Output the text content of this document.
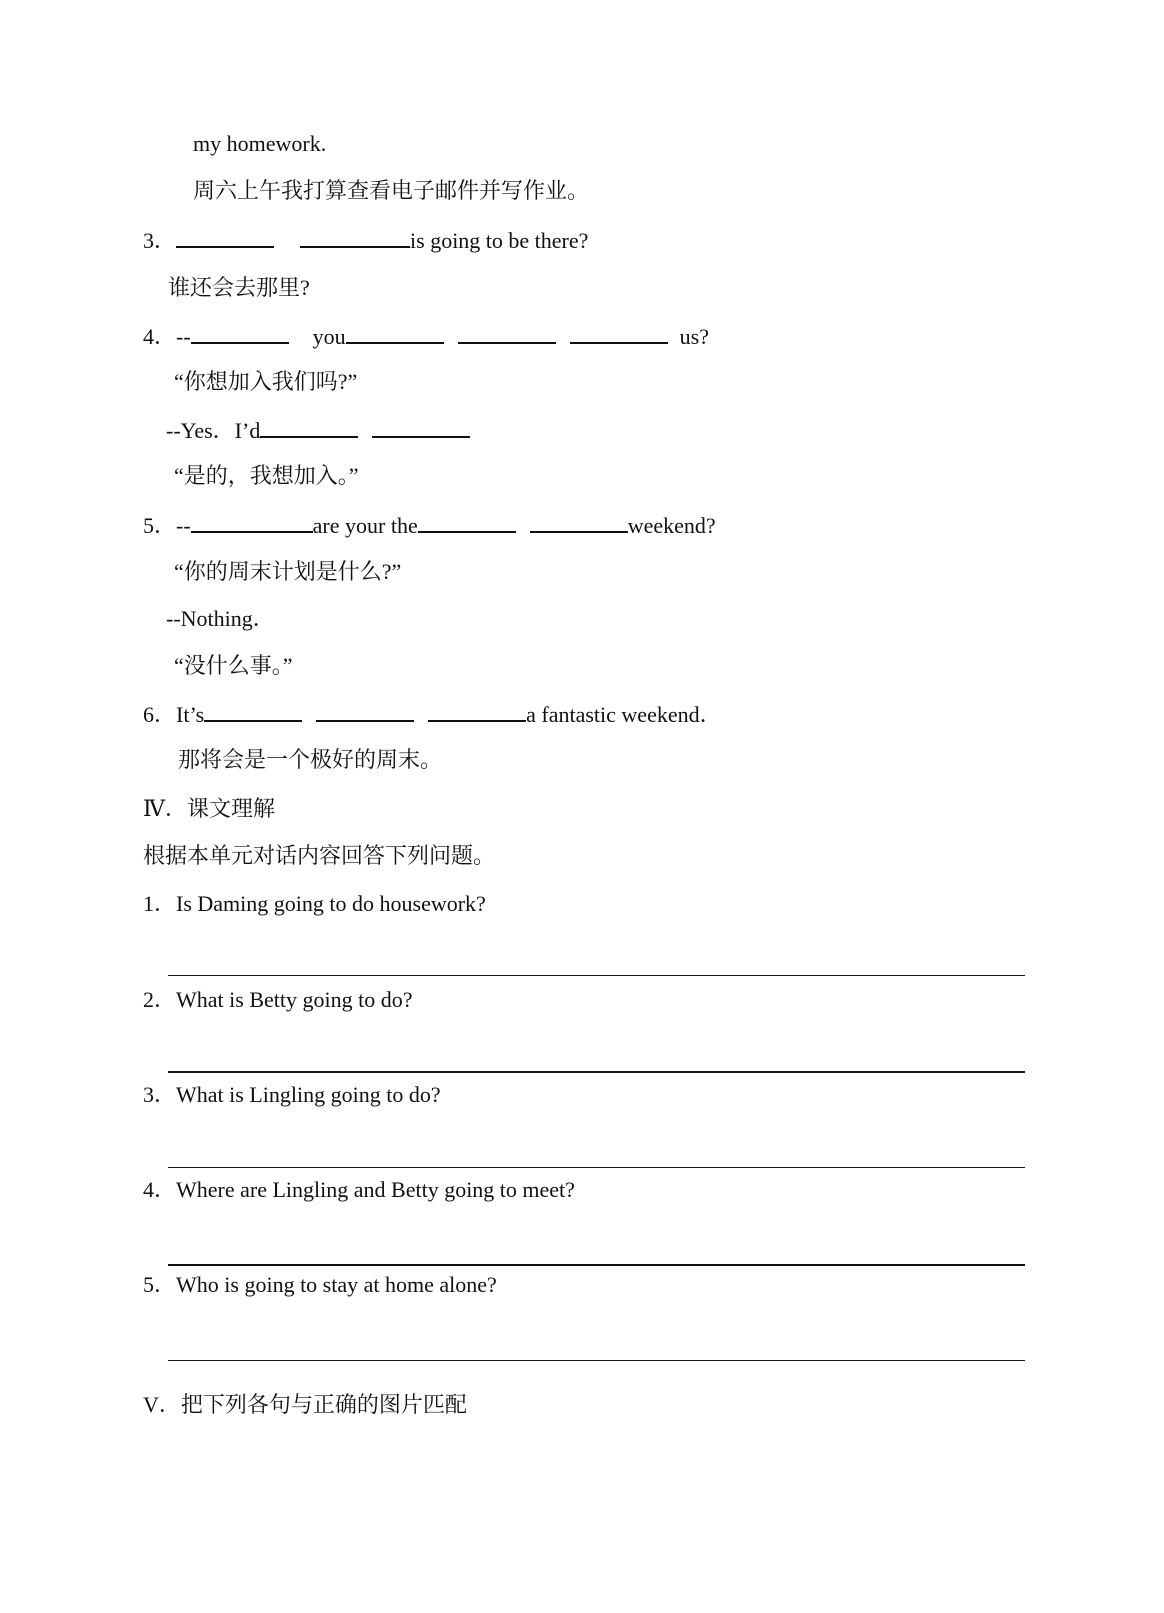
my homework.
周六上午我打算查看电子邮件并写作业。
3．	is going to be there?
谁还会去那里?
4．--	you	us?
“你想加入我们吗?”
--Yes．I’d
“是的，我想加入。”
5．--	are your the	weekend?
“你的周末计划是什么?”
--Nothing．
“没什么事。”
6．It’s	a fantastic weekend．
那将会是一个极好的周末。
Ⅳ．课文理解
根据本单元对话内容回答下列问题。
1．Is Daming going to do housework?
2．What is Betty going to do?
3．What is Lingling going to do?
4．Where are Lingling and Betty going to meet?
5．Who is going to stay at home alone?
V．把下列各句与正确的图片匹配
